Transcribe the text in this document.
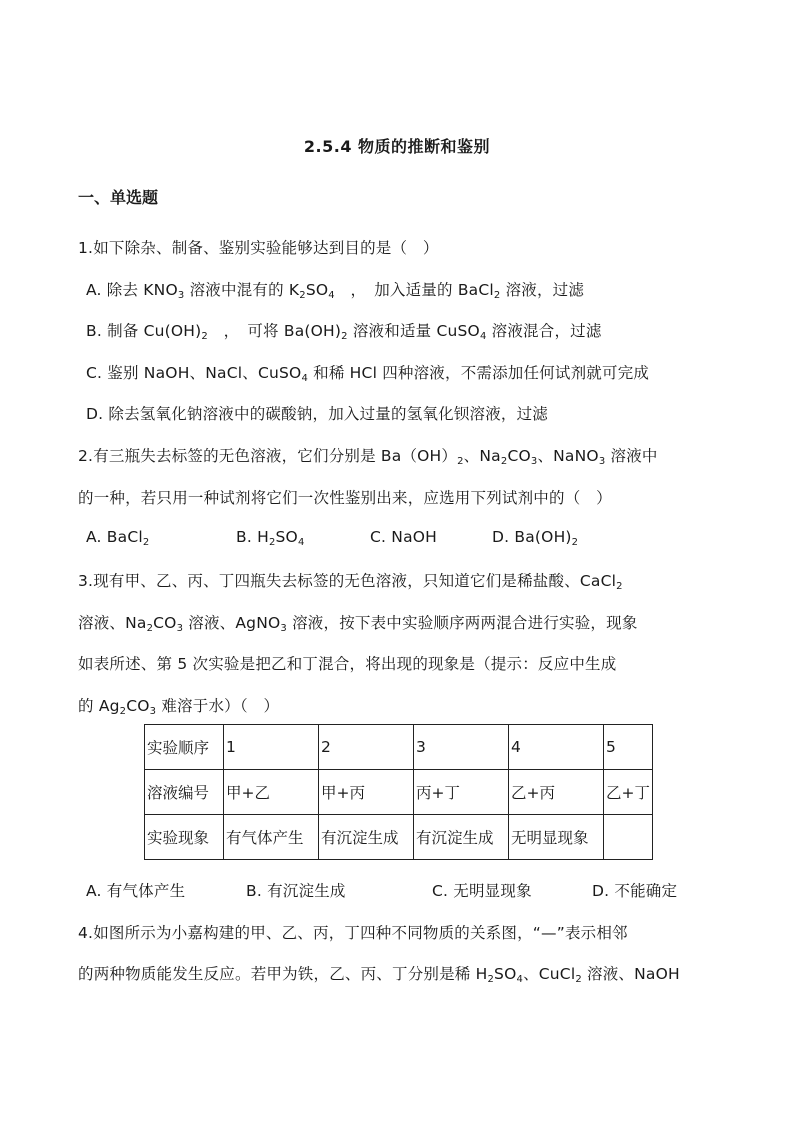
2.5.4 物质的推断和鉴别
一、单选题
1.如下除杂、制备、鉴别实验能够达到目的是（　）
A. 除去 $KNO_3$ 溶液中混有的 $K_2SO_4$　，　加入适量的 BaCl$_2$ 溶液，过滤
B. 制备 $Cu(OH)_2$　，　可将 $Ba(OH)_2$ 溶液和适量 CuSO$_4$ 溶液混合，过滤
C. 鉴别 NaOH、NaCl、CuSO$_4$ 和稀 HCl 四种溶液，不需添加任何试剂就可完成
D. 除去氢氧化钠溶液中的碳酸钠，加入过量的氢氧化钡溶液，过滤
2.有三瓶失去标签的无色溶液，它们分别是 $Ba(OH)_2$、$Na_2CO_3$、NaNO$_3$ 溶液中
的一种，若只用一种试剂将它们一次性鉴别出来，应选用下列试剂中的（　）
A. BaCl$_2$	B. $H_2SO_4$	C. NaOH	D. $Ba(OH)_2$
3.现有甲、乙、丙、丁四瓶失去标签的无色溶液，只知道它们是稀盐酸、CaCl$_2$
溶液、$Na_2CO_3$ 溶液、AgNO$_3$ 溶液，按下表中实验顺序两两混合进行实验，现象
如表所述、第 5 次实验是把乙和丁混合，将出现的现象是（提示：反应中生成
的 $Ag_2CO_3$ 难溶于水）（　）
实验顺序	1	2	3	4	5
溶液编号	甲+乙	甲+丙	丙+丁	乙+丙	乙+丁
实验现象	有气体产生	有沉淀生成	有沉淀生成	无明显现象	
A. 有气体产生	B. 有沉淀生成	C. 无明显现象	D. 不能确定
4.如图所示为小嘉构建的甲、乙、丙，丁四种不同物质的关系图，“—”表示相邻
的两种物质能发生反应。若甲为铁，乙、丙、丁分别是稀 $H_2SO_4$、CuCl$_2$ 溶液、NaOH
